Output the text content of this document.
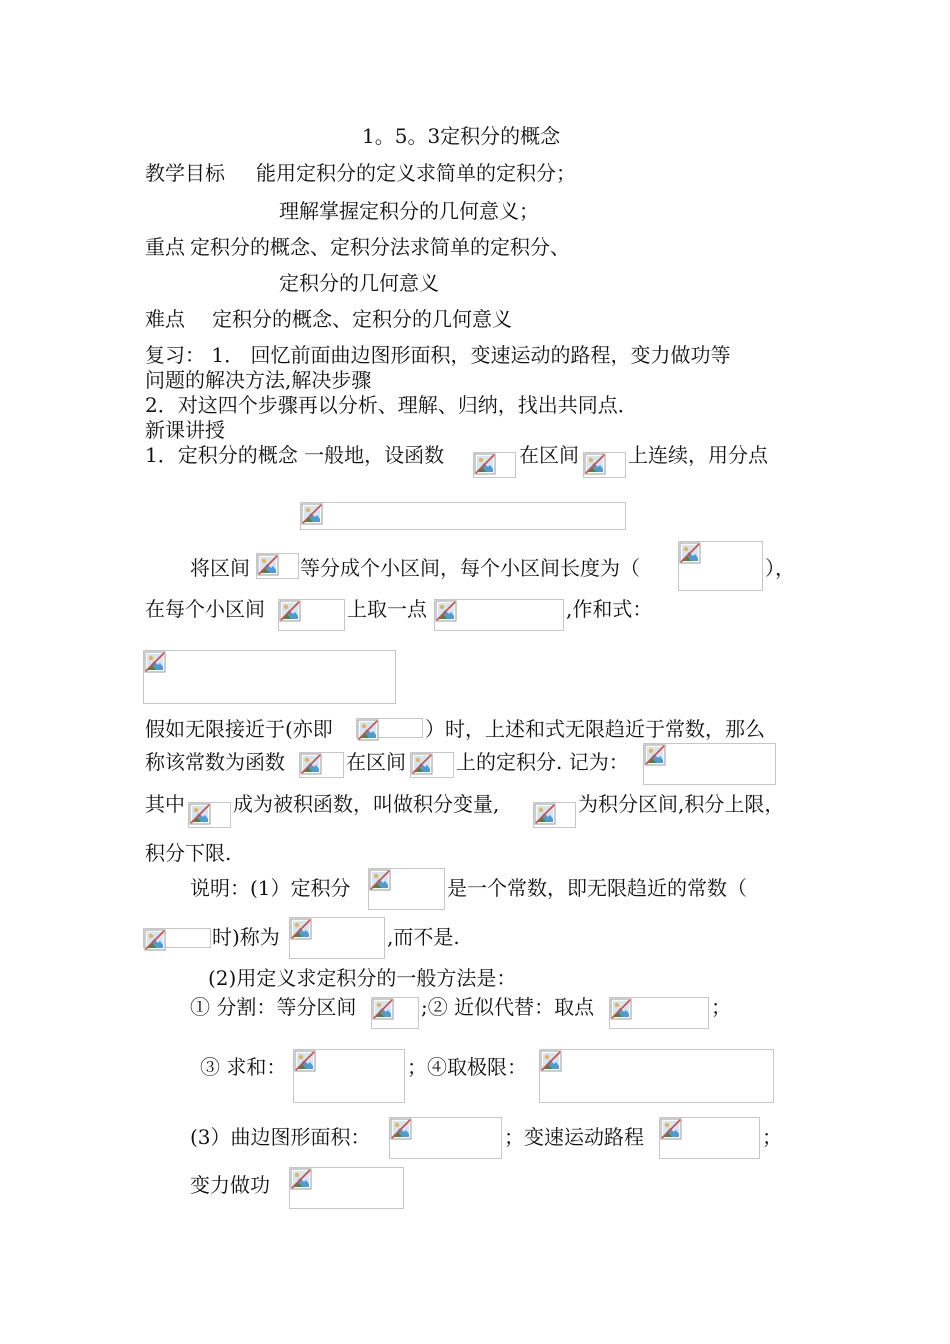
1。5。3定积分的概念
教学目标 能用定积分的定义求简单的定积分；
理解掌握定积分的几何意义；
重点 定积分的概念、定积分法求简单的定积分、
定积分的几何意义
难点 定积分的概念、定积分的几何意义
复习： 1． 回忆前面曲边图形面积，变速运动的路程，变力做功等
问题的解决方法,解决步骤
2．对这四个步骤再以分析、理解、归纳，找出共同点．
新课讲授
1．定积分的概念 一般地，设函数	在区间 上连续，用分点
将区间	等分成个小区间，每个小区间长度为（	），
在每个小区间	上取一点	,作和式：
假如无限接近于(亦即	）时，上述和式无限趋近于常数，那么
称该常数为函数	在区间	上的定积分. 记为：
其中 成为被积函数，叫做积分变量,	为积分区间,积分上限，
积分下限.
说明：(1）定积分	是一个常数，即无限趋近的常数（
时)称为	,而不是.
(2)用定义求定积分的一般方法是：
① 分割：等分区间	;② 近似代替：取点	；
③ 求和：	；④取极限：
(3）曲边图形面积：	；变速运动路程	；
变力做功
